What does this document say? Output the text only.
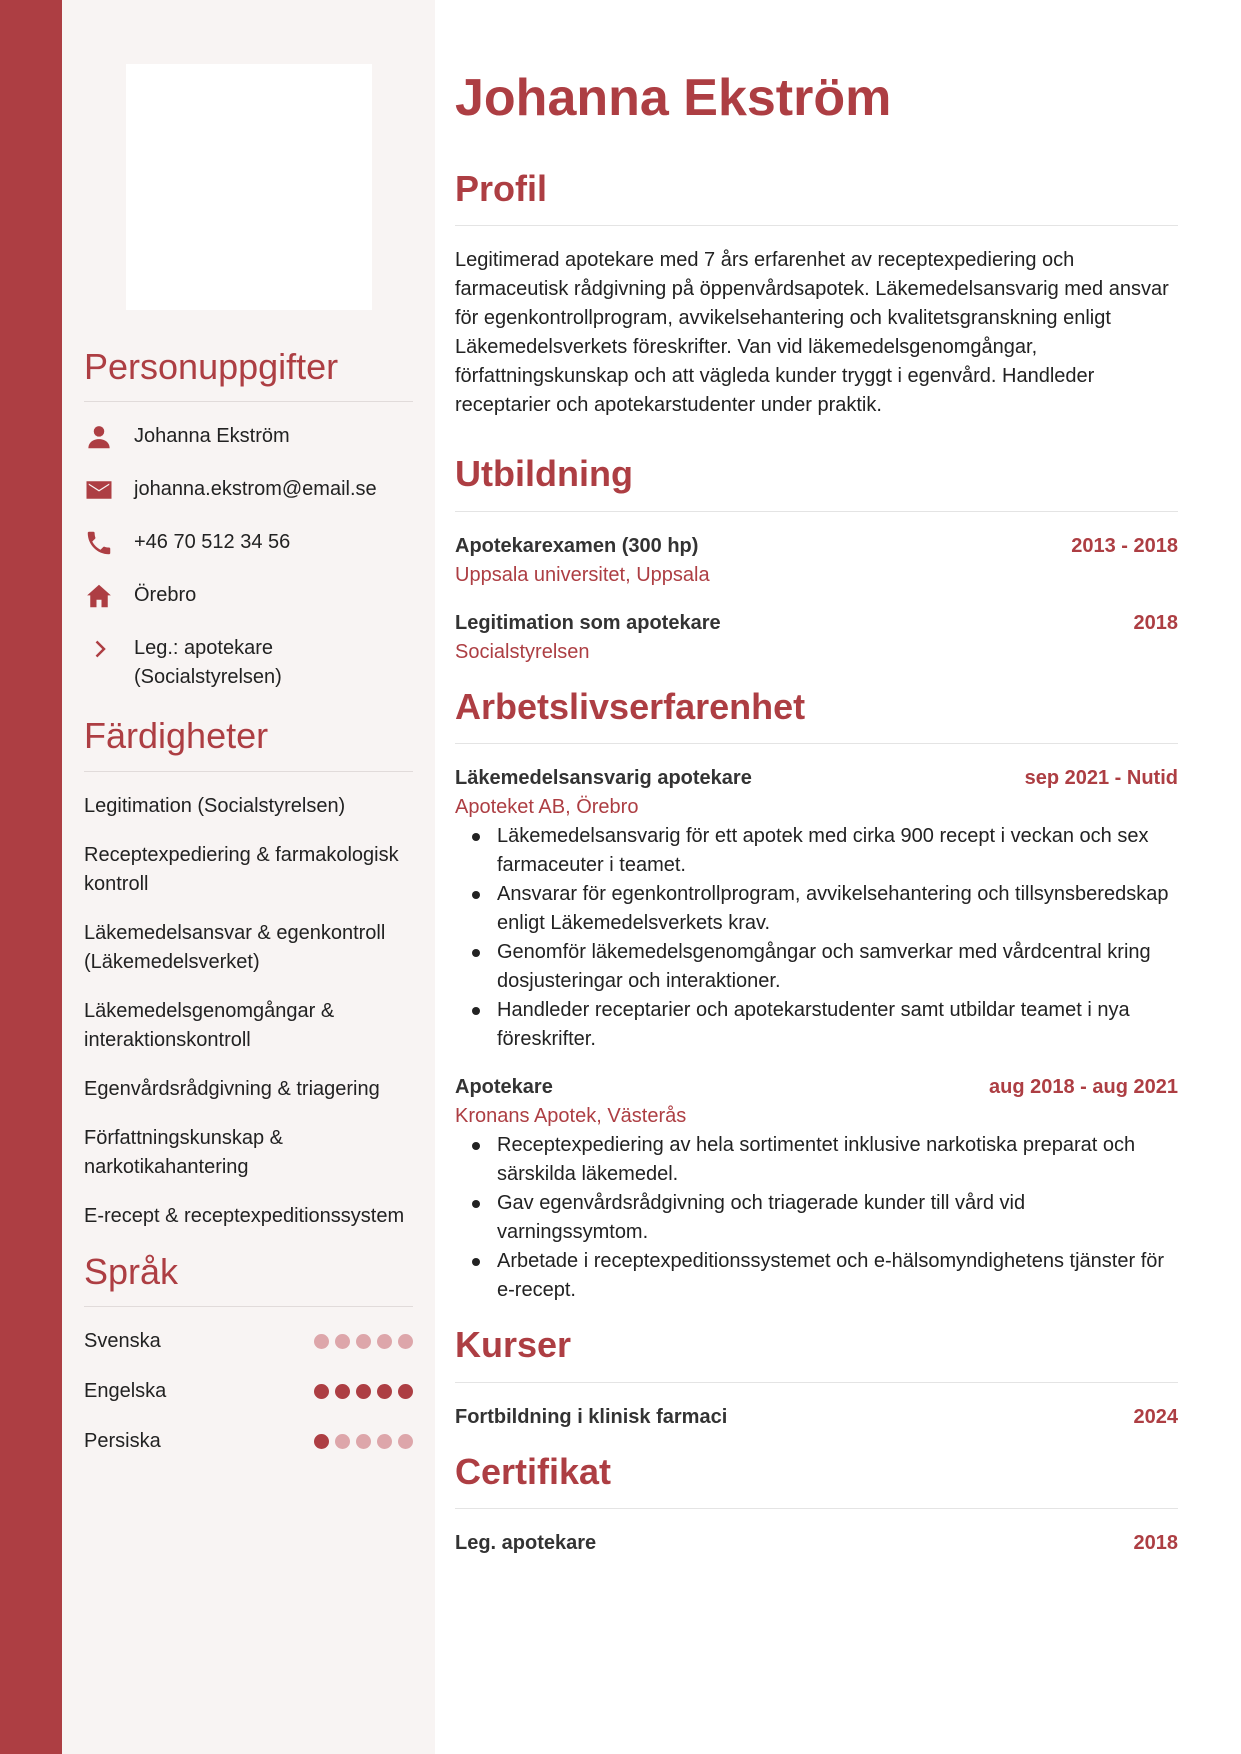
Personuppgifter
Johanna Ekström
johanna.ekstrom@email.se
+46 70 512 34 56
Örebro
Leg.: apotekare (Socialstyrelsen)
Färdigheter
Legitimation (Socialstyrelsen)
Receptexpediering & farmakologisk kontroll
Läkemedelsansvar & egenkontroll (Läkemedelsverket)
Läkemedelsgenomgångar & interaktionskontroll
Egenvårdsrådgivning & triagering
Författningskunskap & narkotikahantering
E-recept & receptexpeditionssystem
Språk
Svenska
Engelska
Persiska
Johanna Ekström
Profil

Legitimerad apotekare med 7 års erfarenhet av receptexpediering och farmaceutisk rådgivning på öppenvårdsapotek. Läkemedelsansvarig med ansvar för egenkontrollprogram, avvikelsehantering och kvalitetsgranskning enligt Läkemedelsverkets föreskrifter. Van vid läkemedelsgenomgångar, författningskunskap och att vägleda kunder tryggt i egenvård. Handleder receptarier och apotekarstudenter under praktik.

Utbildning
Apotekarexamen (300 hp)	2013 - 2018
Uppsala universitet, Uppsala
Legitimation som apotekare	2018
Socialstyrelsen
Arbetslivserfarenhet
Läkemedelsansvarig apotekare	sep 2021 - Nutid
Apoteket AB, Örebro
Läkemedelsansvarig för ett apotek med cirka 900 recept i veckan och sex farmaceuter i teamet.
Ansvarar för egenkontrollprogram, avvikelsehantering och tillsynsberedskap enligt Läkemedelsverkets krav.
Genomför läkemedelsgenomgångar och samverkar med vårdcentral kring dosjusteringar och interaktioner.
Handleder receptarier och apotekarstudenter samt utbildar teamet i nya föreskrifter.
Apotekare	aug 2018 - aug 2021
Kronans Apotek, Västerås
Receptexpediering av hela sortimentet inklusive narkotiska preparat och särskilda läkemedel.
Gav egenvårdsrådgivning och triagerade kunder till vård vid varningssymtom.
Arbetade i receptexpeditionssystemet och e-hälsomyndighetens tjänster för e-recept.
Kurser
Fortbildning i klinisk farmaci	2024
Certifikat
Leg. apotekare	2018
